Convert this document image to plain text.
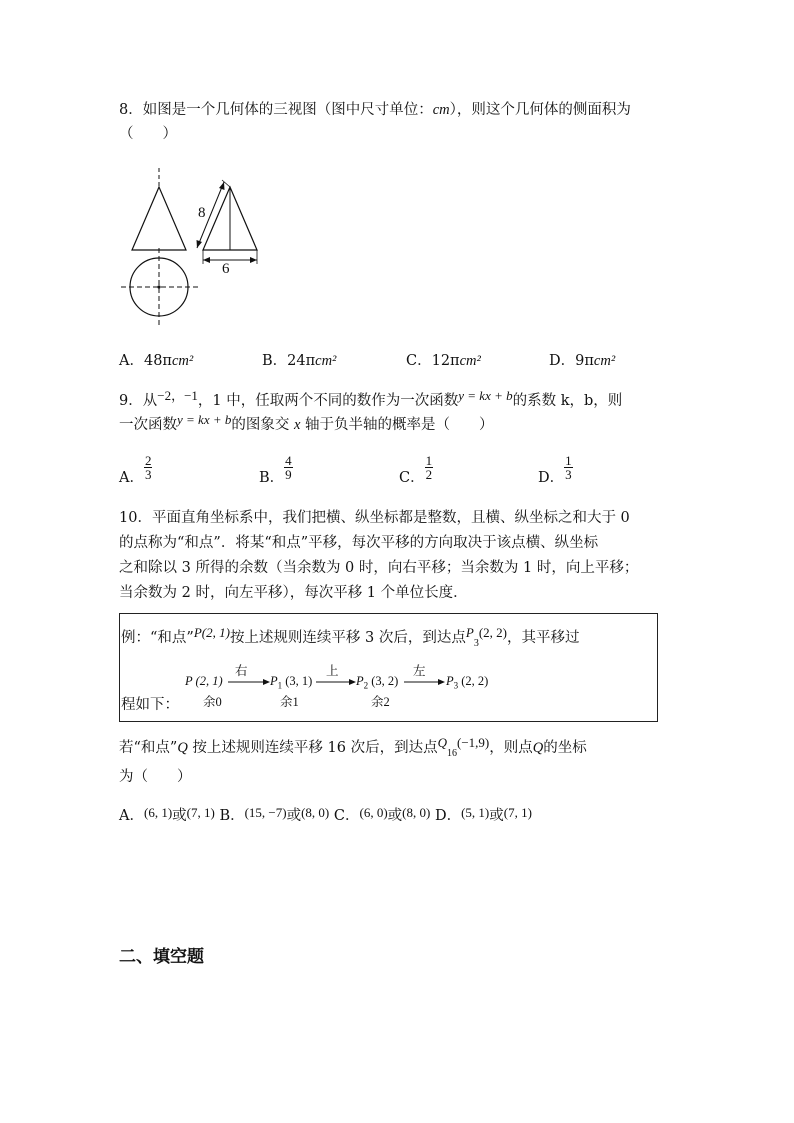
8．如图是一个几何体的三视图（图中尺寸单位：cm），则这个几何体的侧面积为
（　　）
8
6
A．48πcm²	B．24πcm²	C．12πcm²	D．9πcm²
9．从−2，−1，1 中，任取两个不同的数作为一次函数y = kx + b的系数 k，b，则
一次函数y = kx + b的图象交 x 轴于负半轴的概率是（　　）
A． $\frac{2}{3}$	B． $\frac{4}{9}$	C． $\frac{1}{2}$	D． $\frac{1}{3}$
10．平面直角坐标系中，我们把横、纵坐标都是整数，且横、纵坐标之和大于 0
的点称为“和点”．将某“和点”平移，每次平移的方向取决于该点横、纵坐标
之和除以 3 所得的余数（当余数为 0 时，向右平移；当余数为 1 时，向上平移；
当余数为 2 时，向左平移），每次平移 1 个单位长度．
例：“和点”P(2, 1)按上述规则连续平移 3 次后，到达点$P_3(2$, 2)，其平移过
程如下：
P (2, 1)
余0
右
$P_1$ (3, 1)
余1
上
$P_2$ (3, 2)
余2
左
$P_3$ (2, 2)
若“和点”Q 按上述规则连续平移 16 次后，到达点$Q_{16}(-1,9)$，则点Q的坐标
为（　　）
A．(6, 1)或(7, 1) B．(15, −7)或(8, 0) C．(6, 0)或(8, 0) D．(5, 1)或(7, 1)
二、填空题
